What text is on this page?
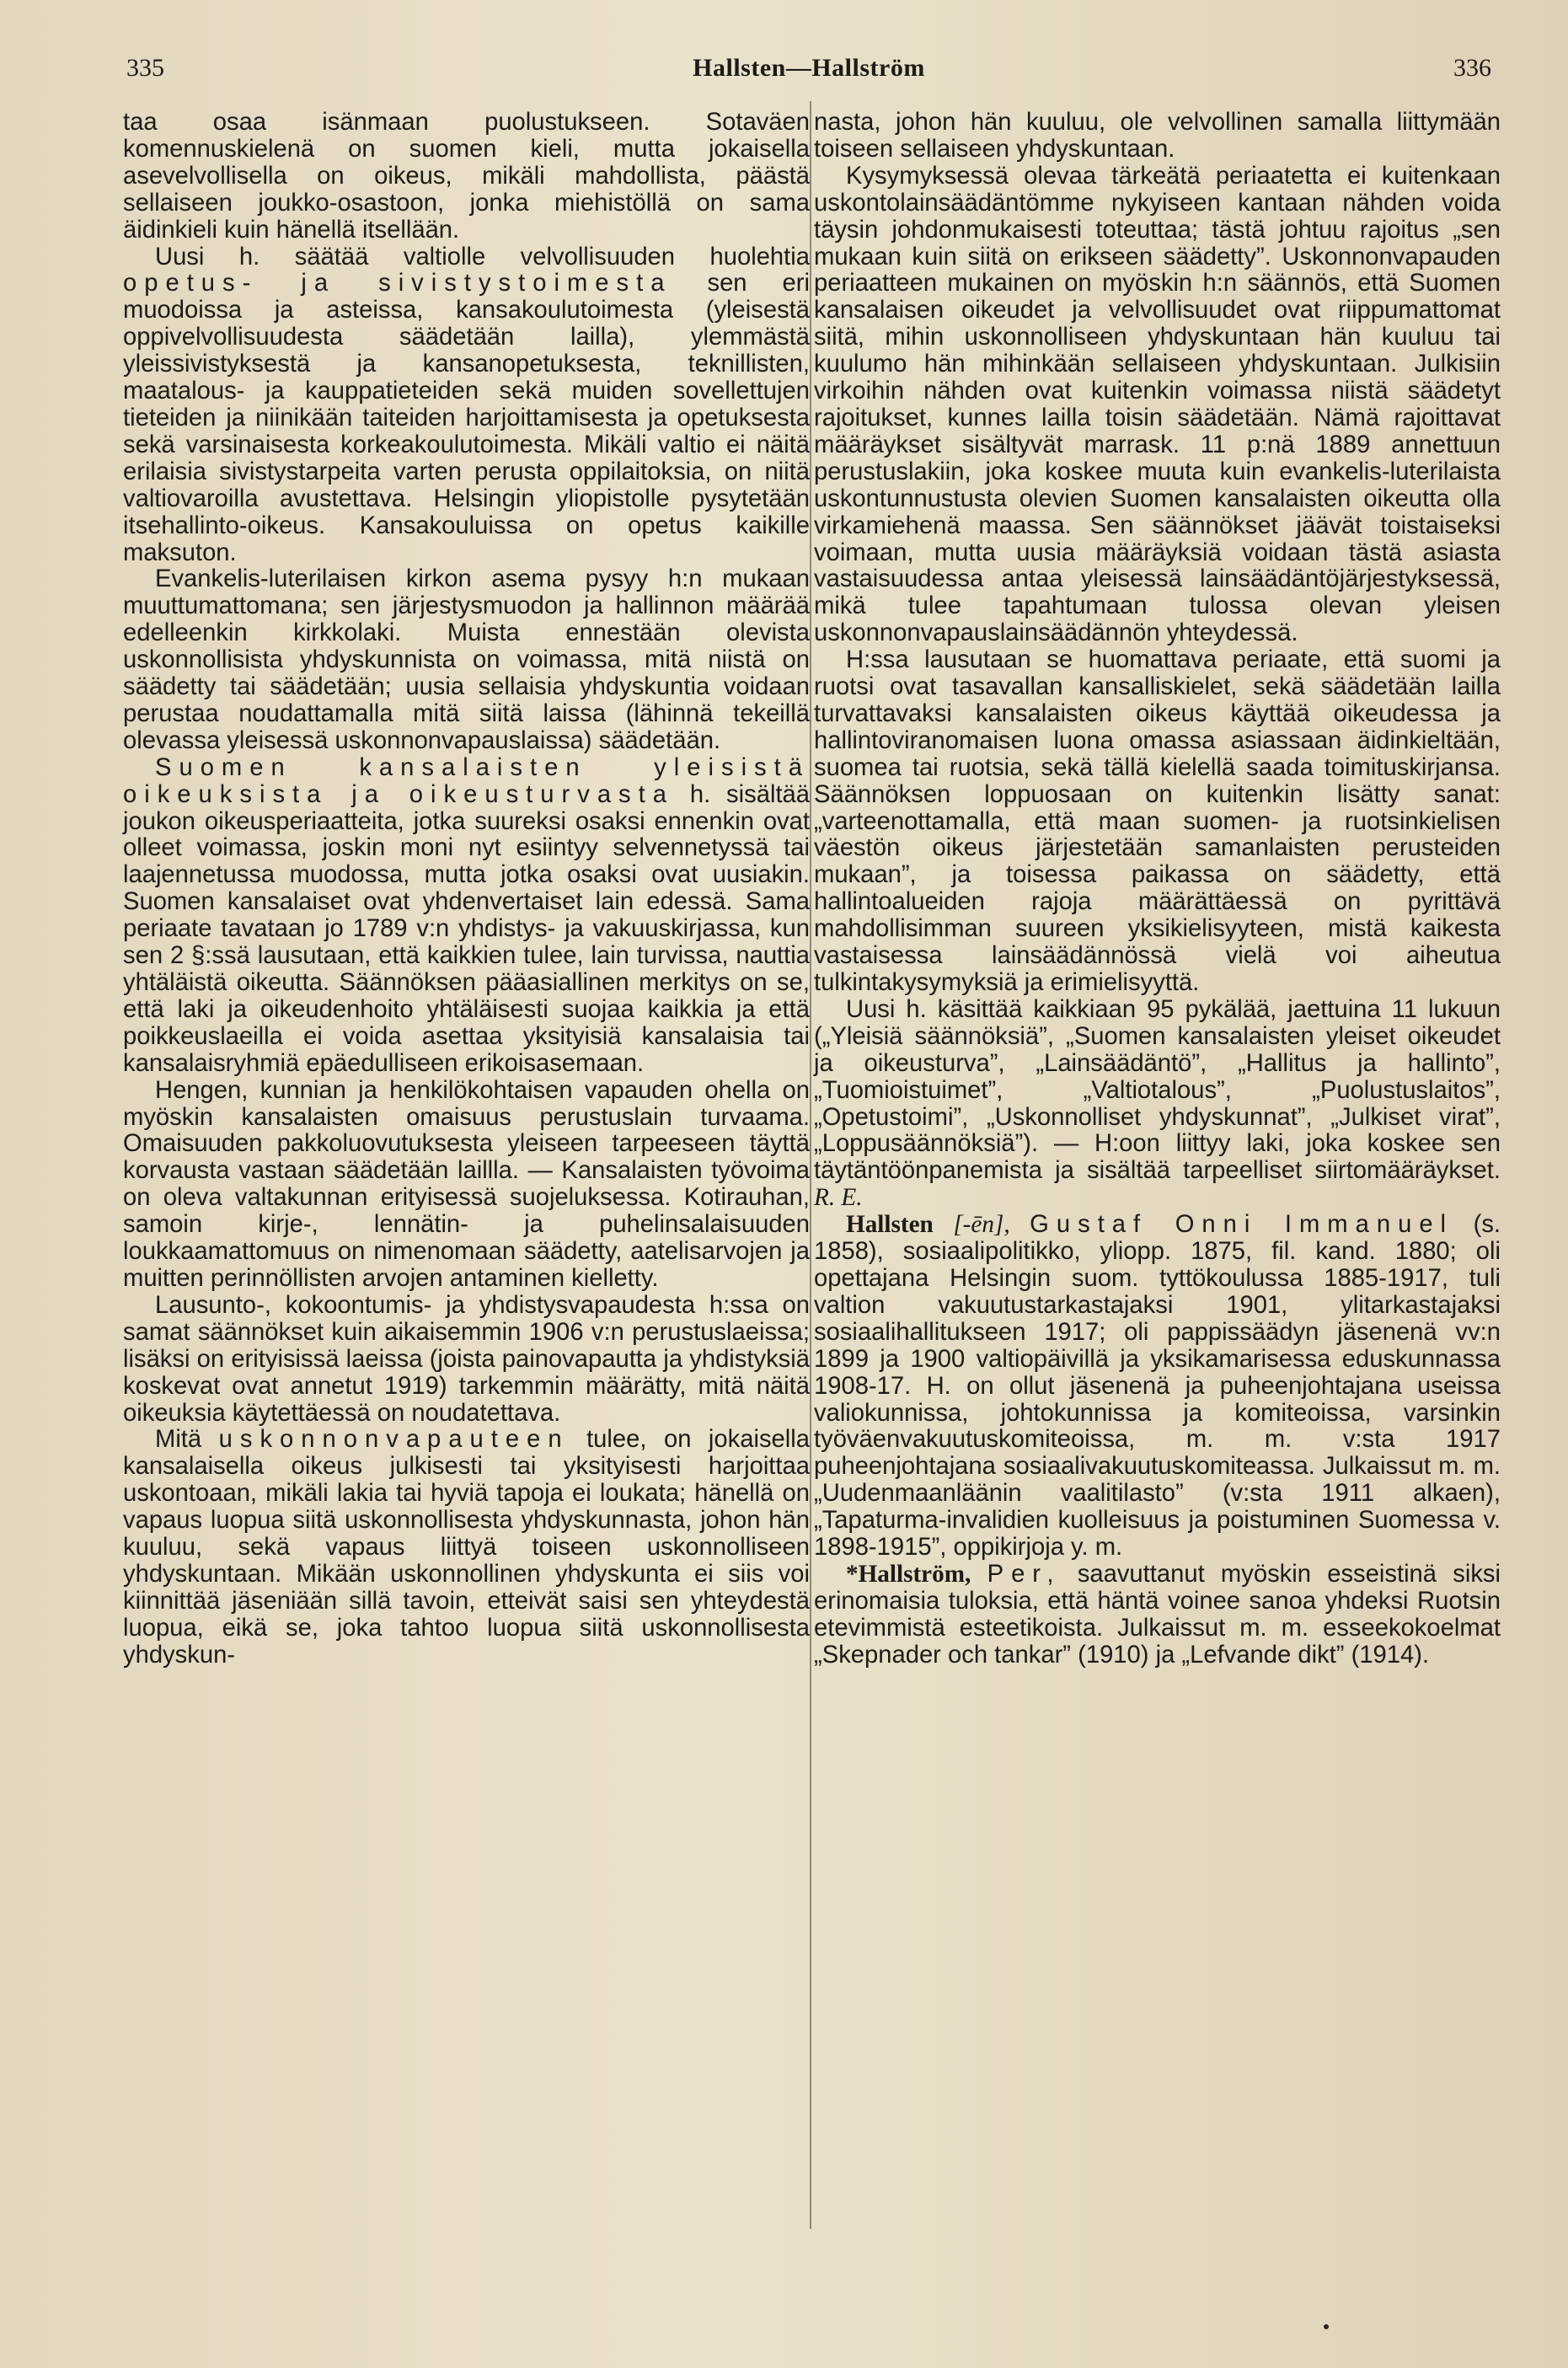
335	Hallsten—Hallström	336

taa osaa isänmaan puolustukseen. Sotaväen komennuskielenä on suomen kieli, mutta jokaisella asevelvollisella on oikeus, mikäli mahdollista, päästä sellaiseen joukko-osastoon, jonka miehistöllä on sama äidinkieli kuin hänellä itsellään.

Uusi h. säätää valtiolle velvollisuuden huolehtia opetus- ja sivistystoimesta sen eri muodoissa ja asteissa, kansakoulutoimesta (yleisestä oppivelvollisuudesta säädetään lailla), ylemmästä yleissivistyksestä ja kansanopetuksesta, teknillisten, maatalous- ja kauppatieteiden sekä muiden sovellettujen tieteiden ja niinikään taiteiden harjoittamisesta ja opetuksesta sekä varsinaisesta korkeakoulutoimesta. Mikäli valtio ei näitä erilaisia sivistystarpeita varten perusta oppilaitoksia, on niitä valtiovaroilla avustettava. Helsingin yliopistolle pysytetään itsehallinto-oikeus. Kansakouluissa on opetus kaikille maksuton.

Evankelis-luterilaisen kirkon asema pysyy h:n mukaan muuttumattomana; sen järjestysmuodon ja hallinnon määrää edelleenkin kirkkolaki. Muista ennestään olevista uskonnollisista yhdyskunnista on voimassa, mitä niistä on säädetty tai säädetään; uusia sellaisia yhdyskuntia voidaan perustaa noudattamalla mitä siitä laissa (lähinnä tekeillä olevassa yleisessä uskonnonvapauslaissa) säädetään.

Suomen kansalaisten yleisistä oikeuksista ja oikeusturvasta h. sisältää joukon oikeusperiaatteita, jotka suureksi osaksi ennenkin ovat olleet voimassa, joskin moni nyt esiintyy selvennetyssä tai laajennetussa muodossa, mutta jotka osaksi ovat uusiakin. Suomen kansalaiset ovat yhdenvertaiset lain edessä. Sama periaate tavataan jo 1789 v:n yhdistys- ja vakuuskirjassa, kun sen 2 §:ssä lausutaan, että kaikkien tulee, lain turvissa, nauttia yhtäläistä oikeutta. Säännöksen pääasiallinen merkitys on se, että laki ja oikeudenhoito yhtäläisesti suojaa kaikkia ja että poikkeuslaeilla ei voida asettaa yksityisiä kansalaisia tai kansalaisryhmiä epäedulliseen erikoisasemaan.

Hengen, kunnian ja henkilökohtaisen vapauden ohella on myöskin kansalaisten omaisuus perustuslain turvaama. Omaisuuden pakkoluovutuksesta yleiseen tarpeeseen täyttä korvausta vastaan säädetään laillla. — Kansalaisten työvoima on oleva valtakunnan erityisessä suojeluksessa. Kotirauhan, samoin kirje-, lennätin- ja puhelinsalaisuuden loukkaamattomuus on nimenomaan säädetty, aatelisarvojen ja muitten perinnöllisten arvojen antaminen kielletty.

Lausunto-, kokoontumis- ja yhdistysvapaudesta h:ssa on samat säännökset kuin aikaisemmin 1906 v:n perustuslaeissa; lisäksi on erityisissä laeissa (joista painovapautta ja yhdistyksiä koskevat ovat annetut 1919) tarkemmin määrätty, mitä näitä oikeuksia käytettäessä on noudatettava.

Mitä uskonnonvapauteen tulee, on jokaisella kansalaisella oikeus julkisesti tai yksityisesti harjoittaa uskontoaan, mikäli lakia tai hyviä tapoja ei loukata; hänellä on vapaus luopua siitä uskonnollisesta yhdyskunnasta, johon hän kuuluu, sekä vapaus liittyä toiseen uskonnolliseen yhdyskuntaan. Mikään uskonnollinen yhdyskunta ei siis voi kiinnittää jäseniään sillä tavoin, etteivät saisi sen yhteydestä luopua, eikä se, joka tahtoo luopua siitä uskonnollisesta yhdyskun-

nasta, johon hän kuuluu, ole velvollinen samalla liittymään toiseen sellaiseen yhdyskuntaan.

Kysymyksessä olevaa tärkeätä periaatetta ei kuitenkaan uskontolainsäädäntömme nykyiseen kantaan nähden voida täysin johdonmukaisesti toteuttaa; tästä johtuu rajoitus „sen mukaan kuin siitä on erikseen säädetty”. Uskonnonvapauden periaatteen mukainen on myöskin h:n säännös, että Suomen kansalaisen oikeudet ja velvollisuudet ovat riippumattomat siitä, mihin uskonnolliseen yhdyskuntaan hän kuuluu tai kuulumo hän mihinkään sellaiseen yhdyskuntaan. Julkisiin virkoihin nähden ovat kuitenkin voimassa niistä säädetyt rajoitukset, kunnes lailla toisin säädetään. Nämä rajoittavat määräykset sisältyvät marrask. 11 p:nä 1889 annettuun perustuslakiin, joka koskee muuta kuin evankelis-luterilaista uskontunnustusta olevien Suomen kansalaisten oikeutta olla virkamiehenä maassa. Sen säännökset jäävät toistaiseksi voimaan, mutta uusia määräyksiä voidaan tästä asiasta vastaisuudessa antaa yleisessä lainsäädäntöjärjestyksessä, mikä tulee tapahtumaan tulossa olevan yleisen uskonnonvapauslainsäädännön yhteydessä.

H:ssa lausutaan se huomattava periaate, että suomi ja ruotsi ovat tasavallan kansalliskielet, sekä säädetään lailla turvattavaksi kansalaisten oikeus käyttää oikeudessa ja hallintoviranomaisen luona omassa asiassaan äidinkieltään, suomea tai ruotsia, sekä tällä kielellä saada toimituskirjansa. Säännöksen loppuosaan on kuitenkin lisätty sanat: „varteenottamalla, että maan suomen- ja ruotsinkielisen väestön oikeus järjestetään samanlaisten perusteiden mukaan”, ja toisessa paikassa on säädetty, että hallintoalueiden rajoja määrättäessä on pyrittävä mahdollisimman suureen yksikielisyyteen, mistä kaikesta vastaisessa lainsäädännössä vielä voi aiheutua tulkintakysymyksiä ja erimielisyyttä.

Uusi h. käsittää kaikkiaan 95 pykälää, jaettuina 11 lukuun („Yleisiä säännöksiä”, „Suomen kansalaisten yleiset oikeudet ja oikeusturva”, „Lainsäädäntö”, „Hallitus ja hallinto”, „Tuomioistuimet”, „Valtiotalous”, „Puolustuslaitos”, „Opetustoimi”, „Uskonnolliset yhdyskunnat”, „Julkiset virat”, „Loppusäännöksiä”). — H:oon liittyy laki, joka koskee sen täytäntöönpanemista ja sisältää tarpeelliset siirtomääräykset. R. E.

Hallsten [-ēn], Gustaf Onni Immanuel (s. 1858), sosiaalipolitikko, yliopp. 1875, fil. kand. 1880; oli opettajana Helsingin suom. tyttökoulussa 1885-1917, tuli valtion vakuutustarkastajaksi 1901, ylitarkastajaksi sosiaalihallitukseen 1917; oli pappissäädyn jäsenenä vv:n 1899 ja 1900 valtiopäivillä ja yksikamarisessa eduskunnassa 1908-17. H. on ollut jäsenenä ja puheenjohtajana useissa valiokunnissa, johtokunnissa ja komiteoissa, varsinkin työväenvakuutuskomiteoissa, m. m. v:sta 1917 puheenjohtajana sosiaalivakuutuskomiteassa. Julkaissut m. m. „Uudenmaanläänin vaalitilasto” (v:sta 1911 alkaen), „Tapaturma-invalidien kuolleisuus ja poistuminen Suomessa v. 1898-1915”, oppikirjoja y. m.

*Hallström, Per, saavuttanut myöskin esseistinä siksi erinomaisia tuloksia, että häntä voinee sanoa yhdeksi Ruotsin etevimmistä esteetikoista. Julkaissut m. m. esseekokoelmat „Skepnader och tankar” (1910) ja „Lefvande dikt” (1914).
